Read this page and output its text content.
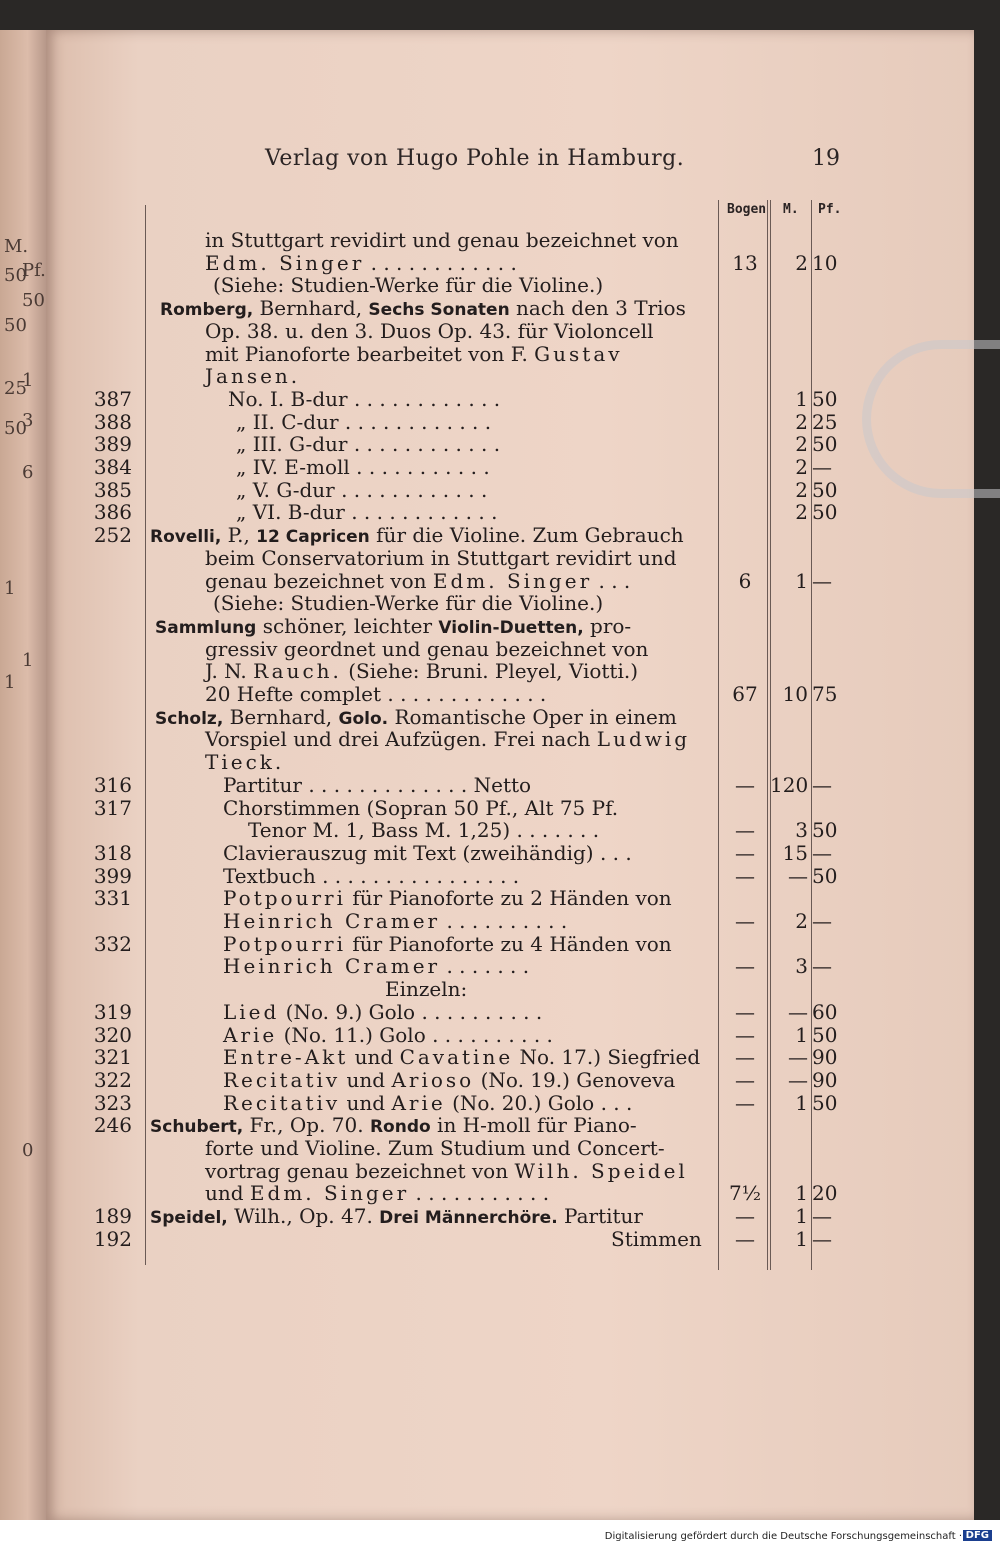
M.
Pf.
50
50
50
1
25
3
50
6
1
1
1
0
Verlag von Hugo Pohle in Hamburg.	19
Bogen M. Pf.
in Stuttgart revidirt und genau bezeichnet von
Edm. Singer . . . . . . . . . . . .	13	2 10
(Siehe: Studien-Werke für die Violine.)
Romberg, Bernhard, Sechs Sonaten nach den 3 Trios
Op. 38. u. den 3. Duos Op. 43. für Violoncell
mit Pianoforte bearbeitet von F. Gustav
Jansen.
387	No. I. B-dur . . . . . . . . . . . .	1 50
388	„ II. C-dur . . . . . . . . . . . .	2 25
389	„ III. G-dur . . . . . . . . . . . .	2 50
384	„ IV. E-moll . . . . . . . . . . .	2 —
385	„ V. G-dur . . . . . . . . . . . .	2 50
386	„ VI. B-dur . . . . . . . . . . . .	2 50
252 Rovelli, P., 12 Capricen für die Violine. Zum Gebrauch
beim Conservatorium in Stuttgart revidirt und
genau bezeichnet von Edm. Singer . . .	6	1 —
(Siehe: Studien-Werke für die Violine.)
Sammlung schöner, leichter Violin-Duetten, pro-
gressiv geordnet und genau bezeichnet von
J. N. Rauch. (Siehe: Bruni. Pleyel, Viotti.)
20 Hefte complet . . . . . . . . . . . . .	67	10 75
Scholz, Bernhard, Golo. Romantische Oper in einem
Vorspiel und drei Aufzügen. Frei nach Ludwig
Tieck.
316	Partitur . . . . . . . . . . . . . Netto	— 120 —
317	Chorstimmen (Sopran 50 Pf., Alt 75 Pf.
Tenor M. 1, Bass M. 1,25) . . . . . . .	—	3 50
318	Clavierauszug mit Text (zweihändig) . . .	—	15 —
399	Textbuch . . . . . . . . . . . . . . . .	—	— 50
331	Potpourri für Pianoforte zu 2 Händen von
Heinrich Cramer . . . . . . . . . .	—	2 —
332	Potpourri für Pianoforte zu 4 Händen von
Heinrich Cramer . . . . . . .	—	3 —
Einzeln:
319	Lied (No. 9.) Golo . . . . . . . . . .	—	— 60
320	Arie (No. 11.) Golo . . . . . . . . . .	—	1 50
321	Entre-Akt und Cavatine No. 17.) Siegfried	—	— 90
322	Recitativ und Arioso (No. 19.) Genoveva	—	— 90
323	Recitativ und Arie (No. 20.) Golo . . .	—	1 50
246 Schubert, Fr., Op. 70. Rondo in H-moll für Piano-
forte und Violine. Zum Studium und Concert-
vortrag genau bezeichnet von Wilh. Speidel
und Edm. Singer . . . . . . . . . . .	7½	1 20
189 Speidel, Wilh., Op. 47. Drei Männerchöre. Partitur	—	1 —
192	Stimmen	—	1 —
Digitalisierung gefördert durch die Deutsche Forschungsgemeinschaft · DFG
